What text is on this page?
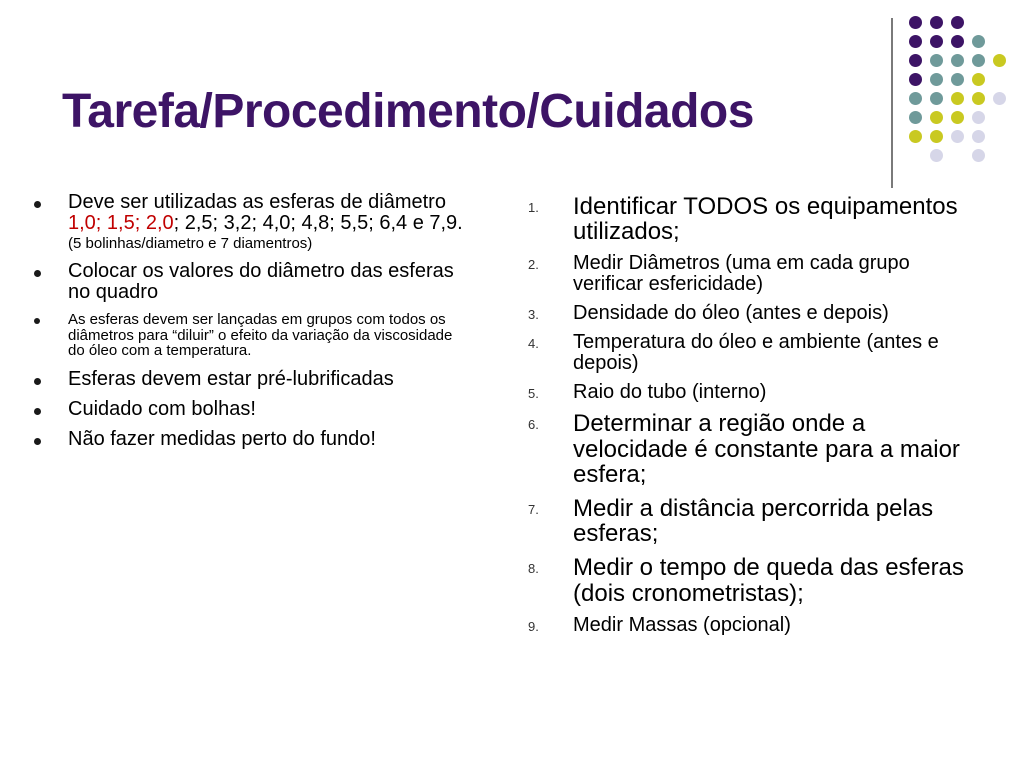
Tarefa/Procedimento/Cuidados
Deve ser utilizadas as esferas de diâmetro 1,0; 1,5; 2,0; 2,5; 3,2; 4,0; 4,8; 5,5; 6,4 e 7,9.
(5 bolinhas/diametro e 7 diamentros)
Colocar os valores do diâmetro das esferas no quadro
As esferas devem ser lançadas em grupos com todos os diâmetros para “diluir” o efeito da variação da viscosidade do óleo com a temperatura.
Esferas devem estar pré-lubrificadas
Cuidado com bolhas!
Não fazer medidas perto do fundo!
1. Identificar TODOS os equipamentos utilizados;
2. Medir Diâmetros (uma em cada grupo verificar esfericidade)
3. Densidade do óleo (antes e depois)
4. Temperatura do óleo e ambiente (antes e depois)
5. Raio do tubo (interno)
6. Determinar a região onde a velocidade é constante para a maior esfera;
7. Medir a distância percorrida pelas esferas;
8. Medir o tempo de queda das esferas (dois cronometristas);
9. Medir Massas (opcional)
